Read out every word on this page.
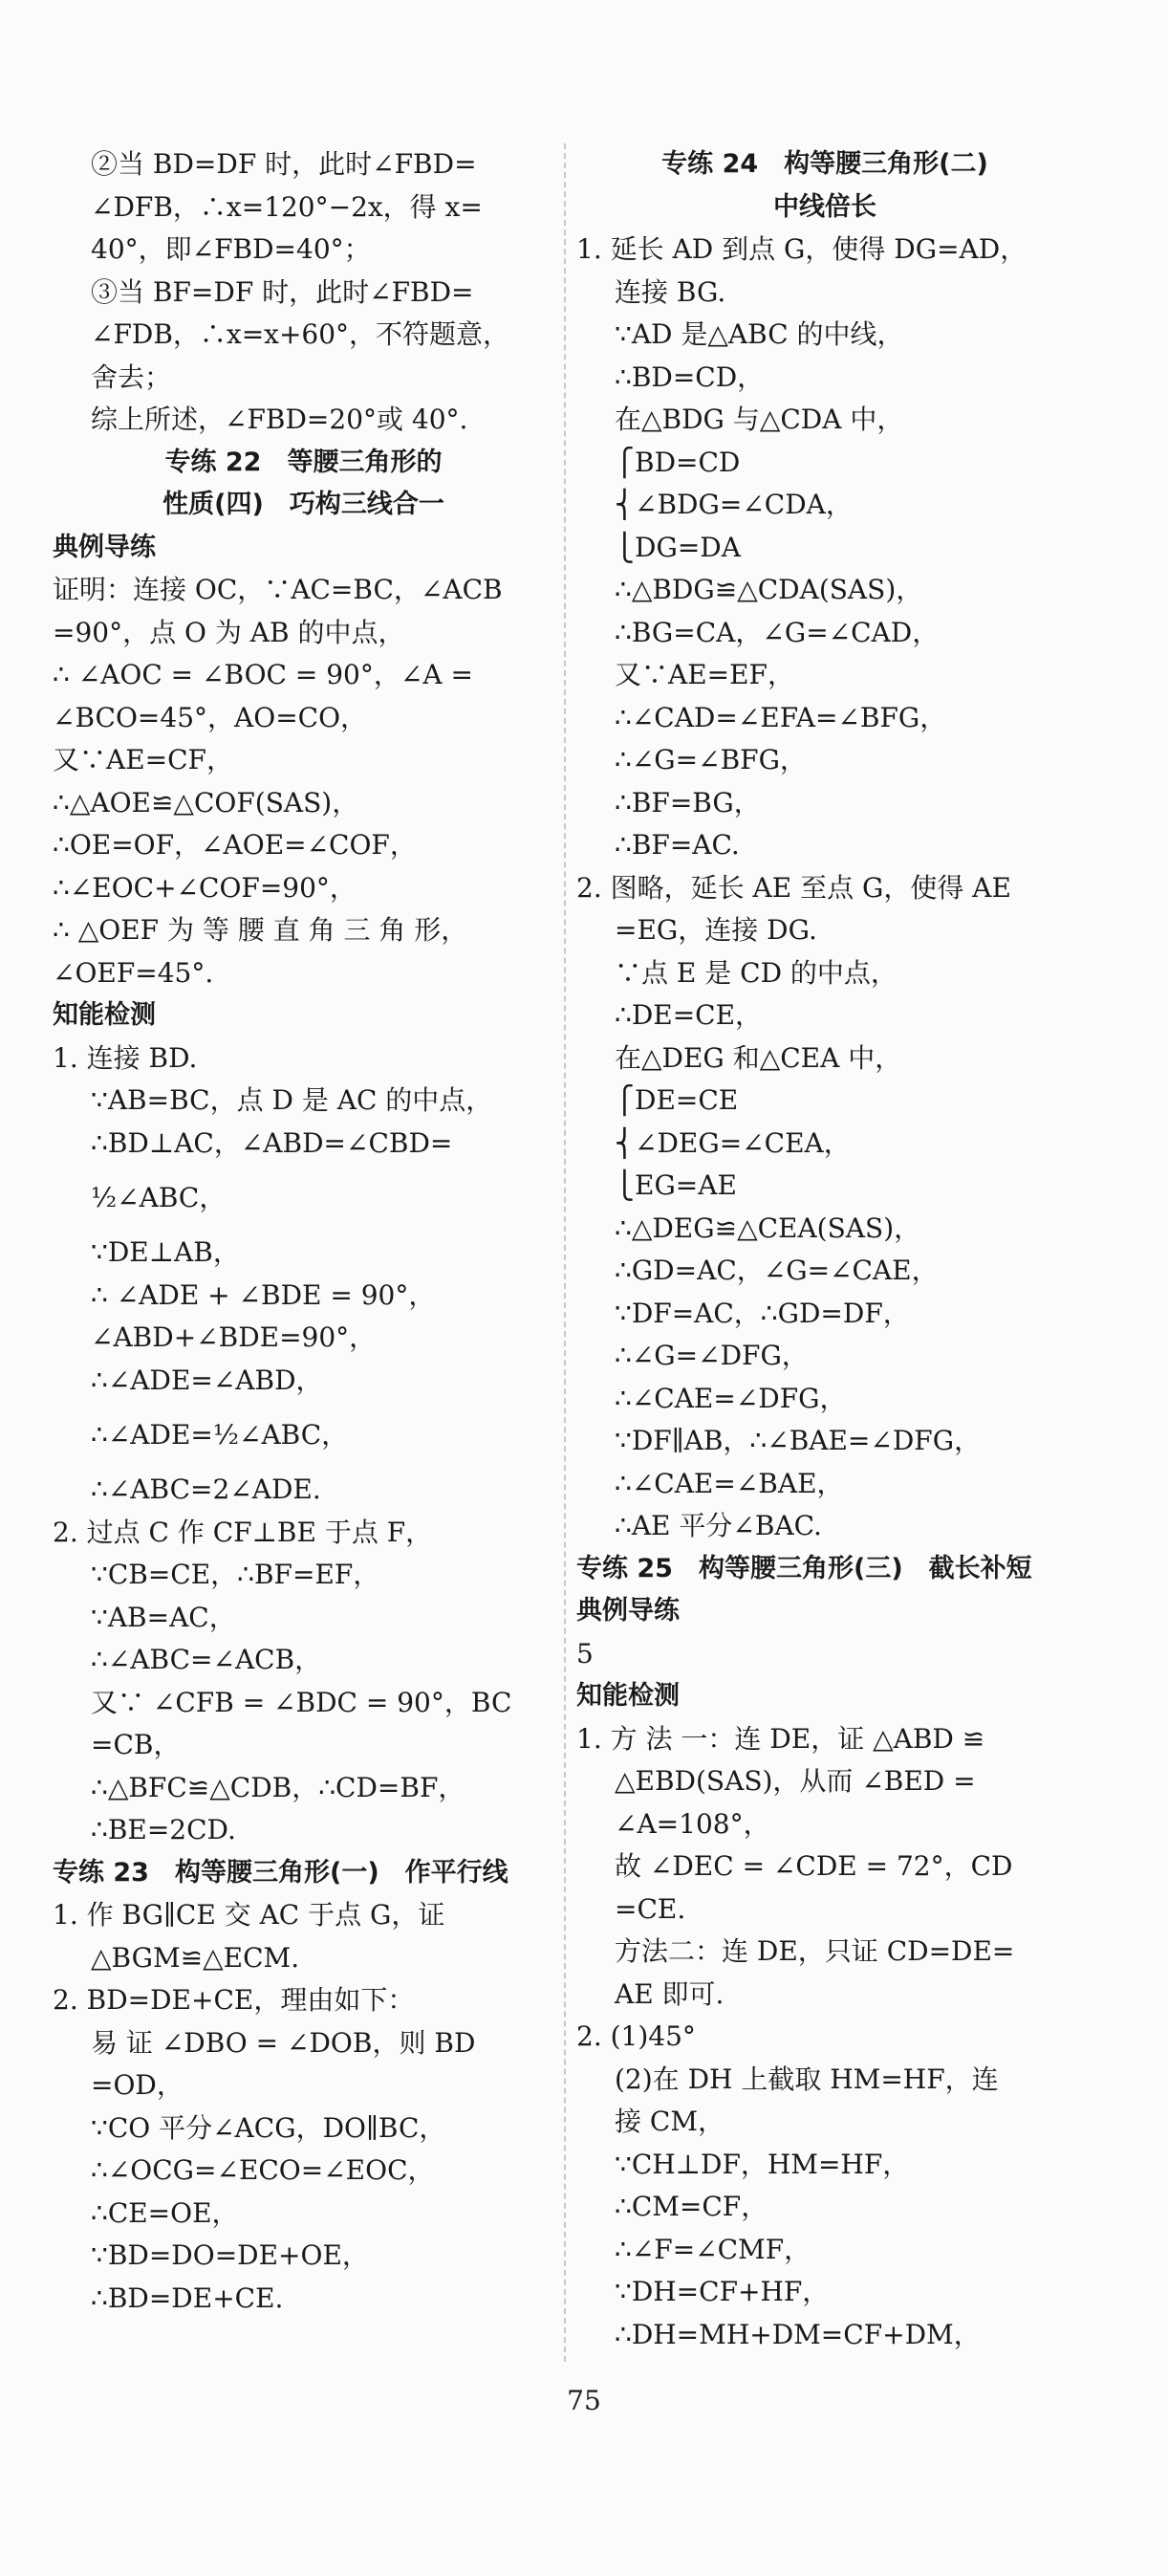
②当 BD=DF 时，此时∠FBD=
∠DFB，∴x=120°−2x，得 x=
40°，即∠FBD=40°；
③当 BF=DF 时，此时∠FBD=
∠FDB，∴x=x+60°，不符题意，
舍去；
综上所述，∠FBD=20°或 40°.
专练 22　等腰三角形的
性质(四)　巧构三线合一
典例导练
证明：连接 OC，∵AC=BC，∠ACB
=90°，点 O 为 AB 的中点，
∴ ∠AOC = ∠BOC = 90°，∠A =
∠BCO=45°，AO=CO，
又∵AE=CF，
∴△AOE≌△COF(SAS)，
∴OE=OF，∠AOE=∠COF，
∴∠EOC+∠COF=90°，
∴ △OEF 为 等 腰 直 角 三 角 形，
∠OEF=45°.
知能检测
1. 连接 BD.
∵AB=BC，点 D 是 AC 的中点，
∴BD⊥AC，∠ABD=∠CBD=
½∠ABC，
∵DE⊥AB，
∴ ∠ADE + ∠BDE = 90°，
∠ABD+∠BDE=90°，
∴∠ADE=∠ABD，
∴∠ADE=½∠ABC，
∴∠ABC=2∠ADE.
2. 过点 C 作 CF⊥BE 于点 F，
∵CB=CE，∴BF=EF，
∵AB=AC，
∴∠ABC=∠ACB，
又∵ ∠CFB = ∠BDC = 90°，BC
=CB，
∴△BFC≌△CDB，∴CD=BF，
∴BE=2CD.
专练 23　构等腰三角形(一)　作平行线
1. 作 BG∥CE 交 AC 于点 G，证
△BGM≌△ECM.
2. BD=DE+CE，理由如下：
易 证 ∠DBO = ∠DOB，则 BD
=OD，
∵CO 平分∠ACG，DO∥BC，
∴∠OCG=∠ECO=∠EOC，
∴CE=OE，
∵BD=DO=DE+OE，
∴BD=DE+CE.
专练 24　构等腰三角形(二)
中线倍长
1. 延长 AD 到点 G，使得 DG=AD，
连接 BG.
∵AD 是△ABC 的中线，
∴BD=CD，
在△BDG 与△CDA 中，
⎧BD=CD
⎨∠BDG=∠CDA，
⎩DG=DA
∴△BDG≌△CDA(SAS)，
∴BG=CA，∠G=∠CAD，
又∵AE=EF，
∴∠CAD=∠EFA=∠BFG，
∴∠G=∠BFG，
∴BF=BG，
∴BF=AC.
2. 图略，延长 AE 至点 G，使得 AE
=EG，连接 DG.
∵点 E 是 CD 的中点，
∴DE=CE，
在△DEG 和△CEA 中，
⎧DE=CE
⎨∠DEG=∠CEA，
⎩EG=AE
∴△DEG≌△CEA(SAS)，
∴GD=AC，∠G=∠CAE，
∵DF=AC，∴GD=DF，
∴∠G=∠DFG，
∴∠CAE=∠DFG，
∵DF∥AB，∴∠BAE=∠DFG，
∴∠CAE=∠BAE，
∴AE 平分∠BAC.
专练 25　构等腰三角形(三)　截长补短
典例导练
5
知能检测
1. 方 法 一：连 DE，证 △ABD ≌
△EBD(SAS)，从而 ∠BED =
∠A=108°，
故 ∠DEC = ∠CDE = 72°，CD
=CE.
方法二：连 DE，只证 CD=DE=
AE 即可.
2. (1)45°
(2)在 DH 上截取 HM=HF，连
接 CM，
∵CH⊥DF，HM=HF，
∴CM=CF，
∴∠F=∠CMF，
∵DH=CF+HF，
∴DH=MH+DM=CF+DM，
75
